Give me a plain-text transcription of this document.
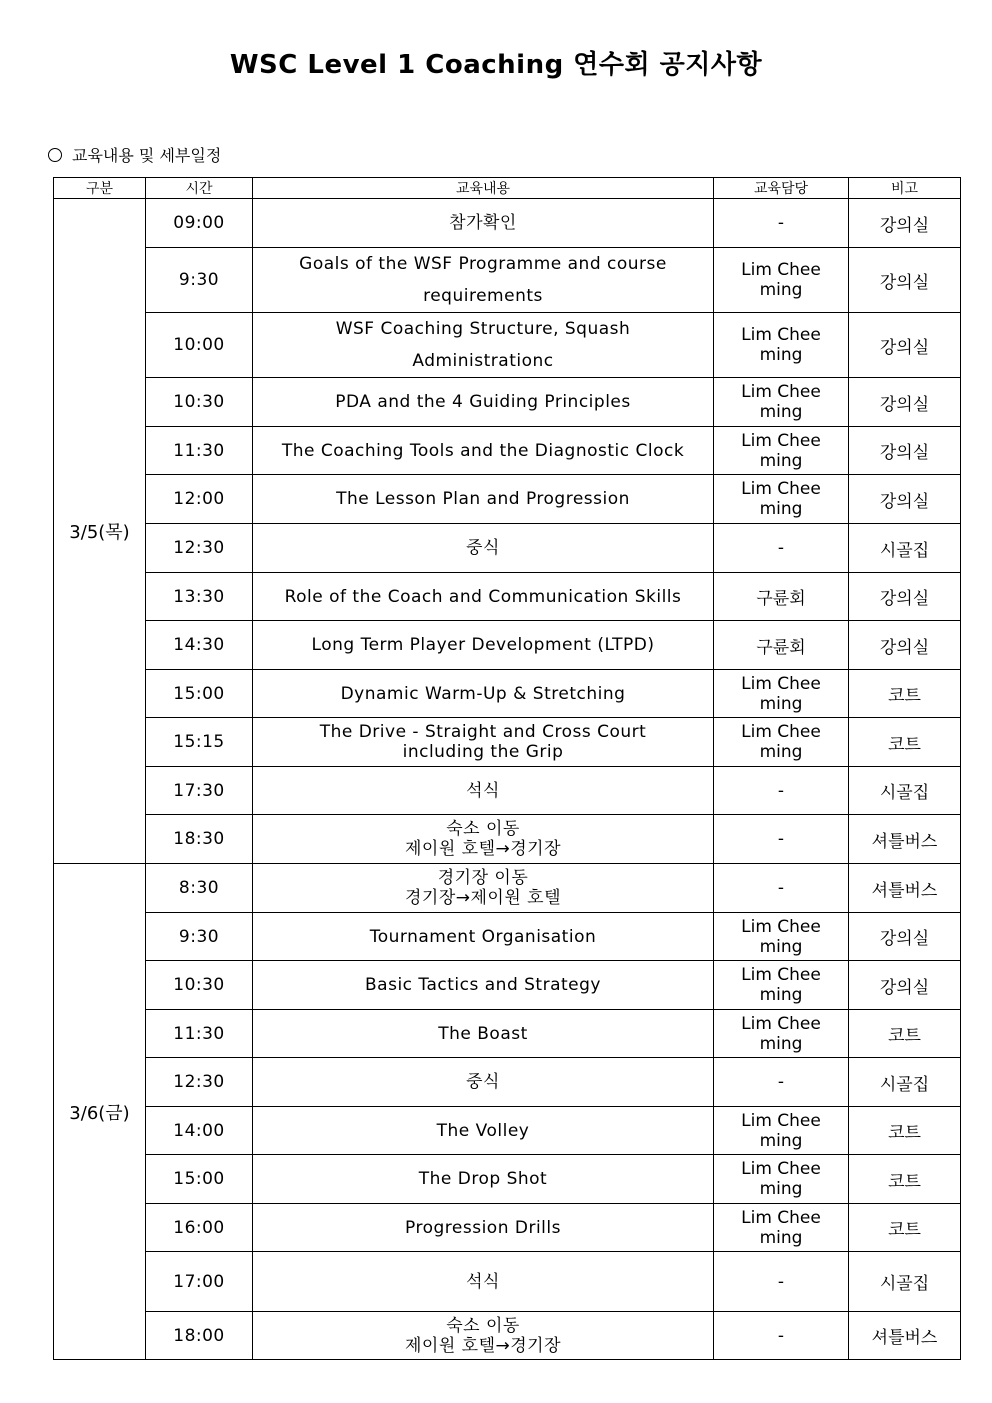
WSC Level 1 Coaching 연수회 공지사항
교육내용 및 세부일정
구분	시간	교육내용	교육담당	비고
3/5(목)	09:00	참가확인	-	강의실
	9:30	Goals of the WSF Programme and course
requirements	Lim Chee ming	강의실
	10:00	WSF Coaching Structure, Squash
Administrationc	Lim Chee ming	강의실
	10:30	PDA and the 4 Guiding Principles	Lim Chee ming	강의실
	11:30	The Coaching Tools and the Diagnostic Clock	Lim Chee ming	강의실
	12:00	The Lesson Plan and Progression	Lim Chee ming	강의실
	12:30	중식	-	시골집
	13:30	Role of the Coach and Communication Skills	구륜회	강의실
	14:30	Long Term Player Development (LTPD)	구륜회	강의실
	15:00	Dynamic Warm-Up & Stretching	Lim Chee ming	코트
	15:15	The Drive - Straight and Cross Court
including the Grip	Lim Chee ming	코트
	17:30	석식	-	시골집
	18:30	숙소 이동
제이원 호텔→경기장	-	셔틀버스
3/6(금)	8:30	경기장 이동
경기장→제이원 호텔	-	셔틀버스
	9:30	Tournament Organisation	Lim Chee ming	강의실
	10:30	Basic Tactics and Strategy	Lim Chee ming	강의실
	11:30	The Boast	Lim Chee ming	코트
	12:30	중식	-	시골집
	14:00	The Volley	Lim Chee ming	코트
	15:00	The Drop Shot	Lim Chee ming	코트
	16:00	Progression Drills	Lim Chee ming	코트
	17:00	석식	-	시골집
	18:00	숙소 이동
제이원 호텔→경기장	-	셔틀버스
